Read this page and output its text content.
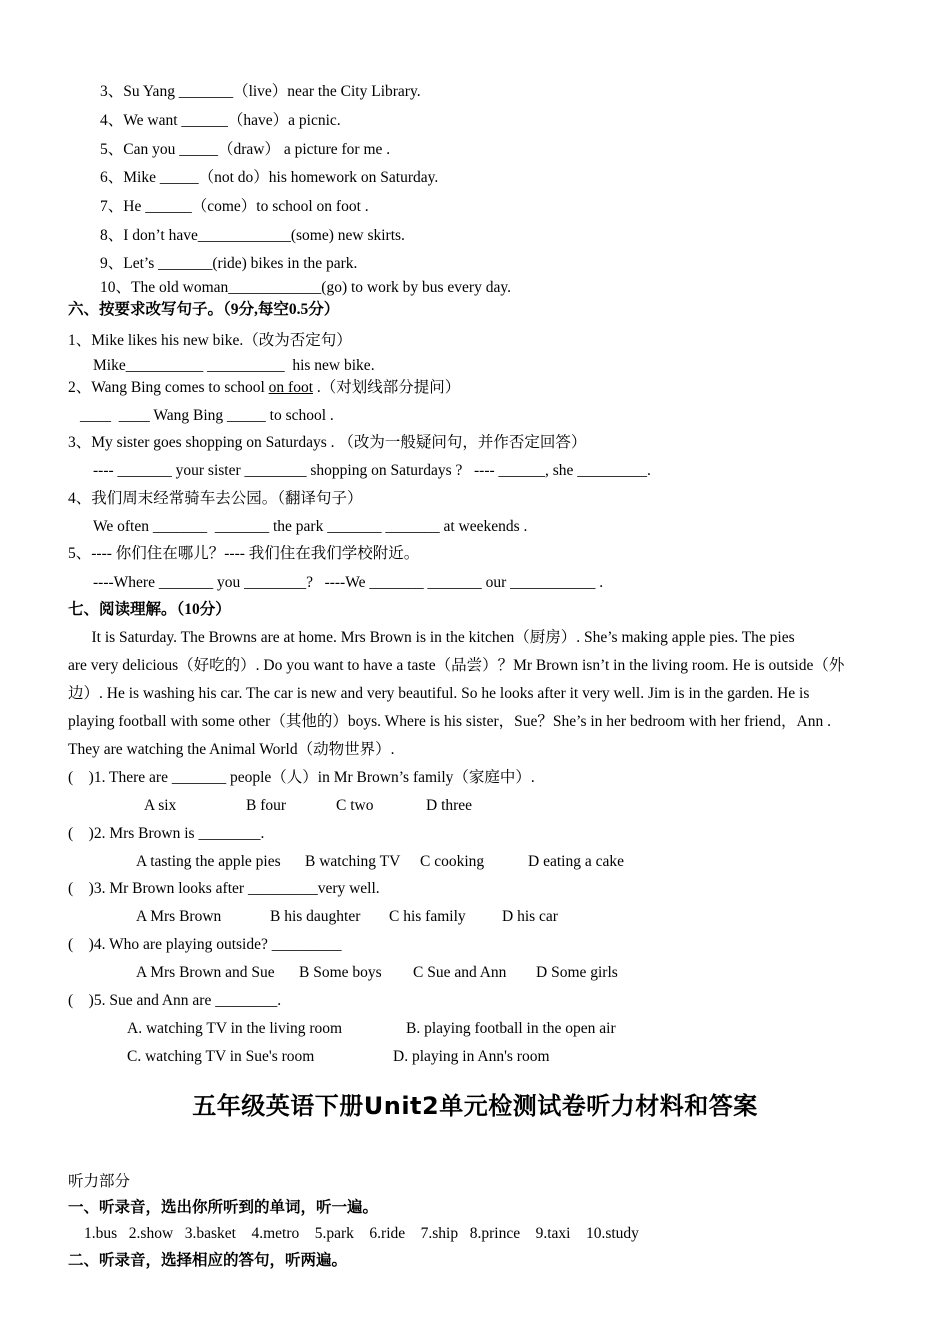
3、Su Yang _______（live）near the City Library.
4、We want ______（have）a picnic.
5、Can you _____（draw） a picture for me .
6、Mike _____（not do）his homework on Saturday.
7、He ______（come）to school on foot .
8、I don’t have____________(some) new skirts.
9、Let’s _______(ride) bikes in the park.
10、The old woman____________(go) to work by bus every day.
六、按要求改写句子。（9分,每空0.5分）
1、Mike likes his new bike.（改为否定句）
Mike__________ __________  his new bike.
2、Wang Bing comes to school on foot .（对划线部分提问）
____  ____ Wang Bing _____ to school .
3、My sister goes shopping on Saturdays . （改为一般疑问句，并作否定回答）
---- _______ your sister ________ shopping on Saturdays ?   ---- ______, she _________.
4、我们周末经常骑车去公园。（翻译句子）
We often _______  _______ the park _______ _______ at weekends .
5、---- 你们住在哪儿？---- 我们住在我们学校附近。
----Where _______ you ________?   ----We _______ _______ our ___________ .
七、阅读理解。（10分）
It is Saturday. The Browns are at home. Mrs Brown is in the kitchen（厨房）. She’s making apple pies. The pies
are very delicious（好吃的）. Do you want to have a taste（品尝）？Mr Brown isn’t in the living room. He is outside（外
边）. He is washing his car. The car is new and very beautiful. So he looks after it very well. Jim is in the garden. He is
playing football with some other（其他的）boys. Where is his sister，Sue？She’s in her bedroom with her friend，Ann .
They are watching the Animal World（动物世界）.
(    )1. There are _______ people（人）in Mr Brown’s family（家庭中）.
A six	B four	C two	D three
(    )2. Mrs Brown is ________.
A tasting the apple pies B watching TV C cooking	D eating a cake
(    )3. Mr Brown looks after _________very well.
A Mrs Brown	B his daughter C his family D his car
(    )4. Who are playing outside? _________
A Mrs Brown and Sue B Some boys C Sue and Ann D Some girls
(    )5. Sue and Ann are ________.
A. watching TV in the living room	B. playing football in the open air
C. watching TV in Sue's room	D. playing in Ann's room
五年级英语下册Unit2单元检测试卷听力材料和答案
听力部分
一、听录音，选出你所听到的单词，听一遍。
1.bus   2.show   3.basket    4.metro    5.park    6.ride    7.ship   8.prince    9.taxi    10.study
二、听录音，选择相应的答句，听两遍。
